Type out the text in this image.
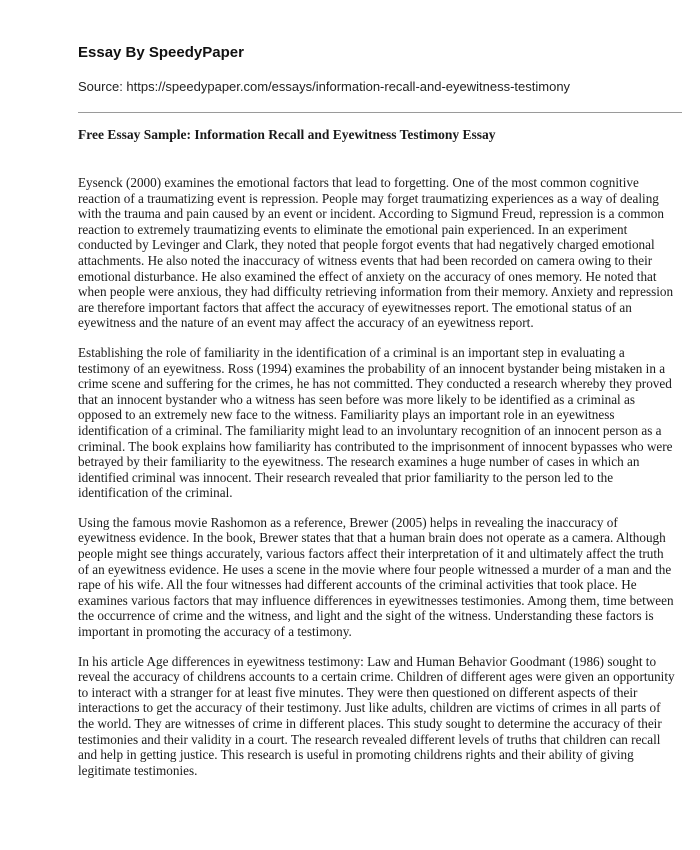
Essay By SpeedyPaper
Source: https://speedypaper.com/essays/information-recall-and-eyewitness-testimony
Free Essay Sample: Information Recall and Eyewitness Testimony Essay

Eysenck (2000) examines the emotional factors that lead to forgetting. One of the most common cognitive reaction of a traumatizing event is repression. People may forget traumatizing experiences as a way of dealing with the trauma and pain caused by an event or incident. According to Sigmund Freud, repression is a common reaction to extremely traumatizing events to eliminate the emotional pain experienced. In an experiment conducted by Levinger and Clark, they noted that people forgot events that had negatively charged emotional attachments. He also noted the inaccuracy of witness events that had been recorded on camera owing to their emotional disturbance. He also examined the effect of anxiety on the accuracy of ones memory. He noted that when people were anxious, they had difficulty retrieving information from their memory. Anxiety and repression are therefore important factors that affect the accuracy of eyewitnesses report. The emotional status of an eyewitness and the nature of an event may affect the accuracy of an eyewitness report.

Establishing the role of familiarity in the identification of a criminal is an important step in evaluating a testimony of an eyewitness. Ross (1994) examines the probability of an innocent bystander being mistaken in a crime scene and suffering for the crimes, he has not committed. They conducted a research whereby they proved that an innocent bystander who a witness has seen before was more likely to be identified as a criminal as opposed to an extremely new face to the witness. Familiarity plays an important role in an eyewitness identification of a criminal. The familiarity might lead to an involuntary recognition of an innocent person as a criminal. The book explains how familiarity has contributed to the imprisonment of innocent bypasses who were betrayed by their familiarity to the eyewitness. The research examines a huge number of cases in which an identified criminal was innocent. Their research revealed that prior familiarity to the person led to the identification of the criminal.

Using the famous movie Rashomon as a reference, Brewer (2005) helps in revealing the inaccuracy of eyewitness evidence. In the book, Brewer states that that a human brain does not operate as a camera. Although people might see things accurately, various factors affect their interpretation of it and ultimately affect the truth of an eyewitness evidence. He uses a scene in the movie where four people witnessed a murder of a man and the rape of his wife. All the four witnesses had different accounts of the criminal activities that took place. He examines various factors that may influence differences in eyewitnesses testimonies. Among them, time between the occurrence of crime and the witness, and light and the sight of the witness. Understanding these factors is important in promoting the accuracy of a testimony.

In his article Age differences in eyewitness testimony: Law and Human Behavior Goodmant (1986) sought to reveal the accuracy of childrens accounts to a certain crime. Children of different ages were given an opportunity to interact with a stranger for at least five minutes. They were then questioned on different aspects of their interactions to get the accuracy of their testimony. Just like adults, children are victims of crimes in all parts of the world. They are witnesses of crime in different places. This study sought to determine the accuracy of their testimonies and their validity in a court. The research revealed different levels of truths that children can recall and help in getting justice. This research is useful in promoting childrens rights and their ability of giving legitimate testimonies.
